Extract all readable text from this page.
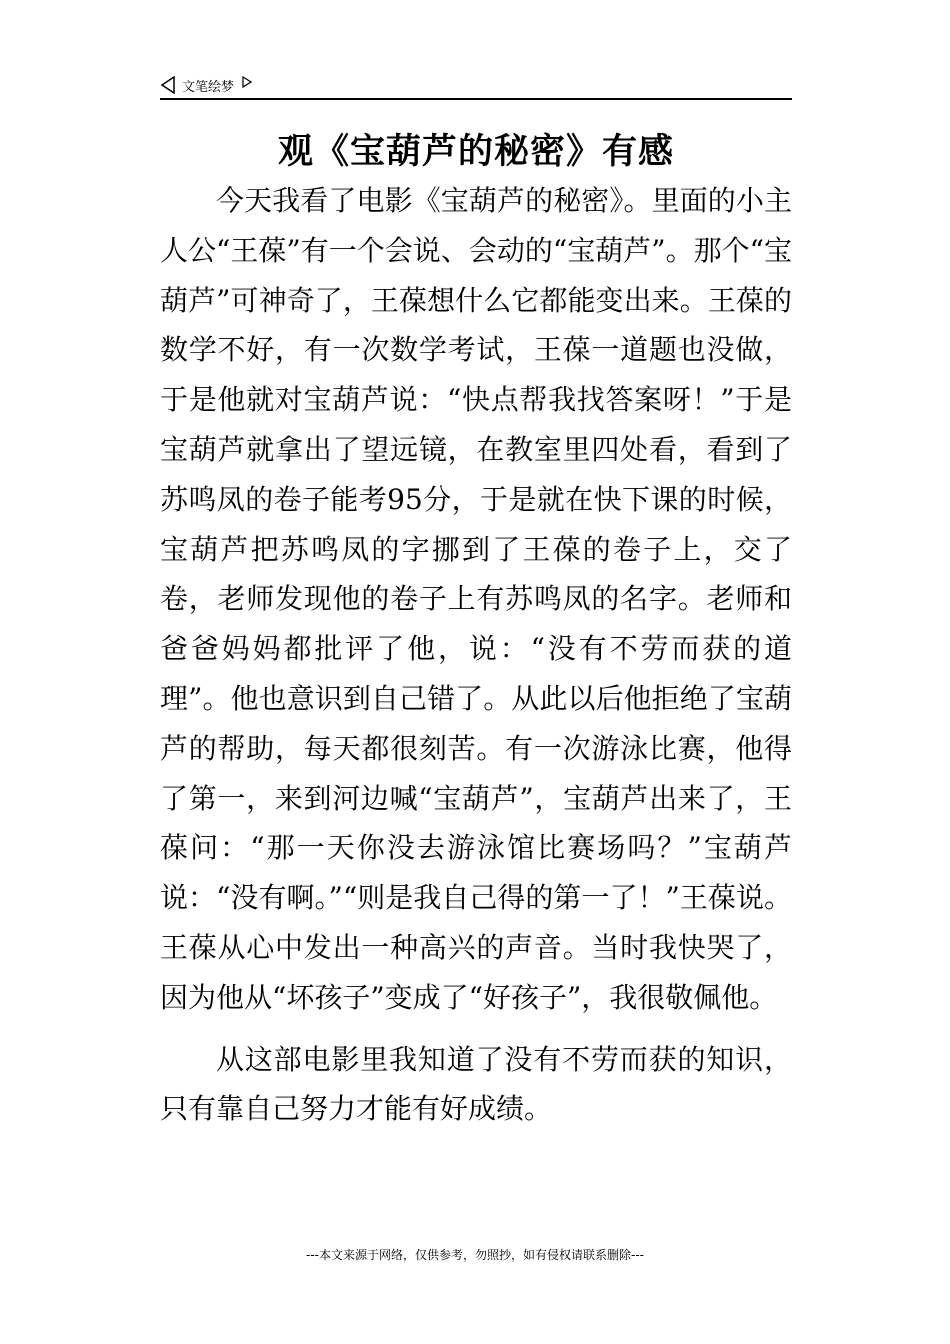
文笔绘梦
观《宝葫芦的秘密》有感

今天我看了电影《宝葫芦的秘密》。里面的小主人公“王葆”有一个会说、会动的“宝葫芦”。那个“宝葫芦”可神奇了，王葆想什么它都能变出来。王葆的数学不好，有一次数学考试，王葆一道题也没做，于是他就对宝葫芦说：“快点帮我找答案呀！”于是宝葫芦就拿出了望远镜，在教室里四处看，看到了苏鸣凤的卷子能考95分，于是就在快下课的时候，宝葫芦把苏鸣凤的字挪到了王葆的卷子上，交了卷，老师发现他的卷子上有苏鸣凤的名字。老师和爸爸妈妈都批评了他，说：“没有不劳而获的道理”。他也意识到自己错了。从此以后他拒绝了宝葫芦的帮助，每天都很刻苦。有一次游泳比赛，他得了第一，来到河边喊“宝葫芦”，宝葫芦出来了，王葆问：“那一天你没去游泳馆比赛场吗？”宝葫芦说：“没有啊。”“则是我自己得的第一了！”王葆说。王葆从心中发出一种高兴的声音。当时我快哭了，因为他从“坏孩子”变成了“好孩子”，我很敬佩他。

从这部电影里我知道了没有不劳而获的知识，只有靠自己努力才能有好成绩。

---本文来源于网络，仅供参考，勿照抄，如有侵权请联系删除---
